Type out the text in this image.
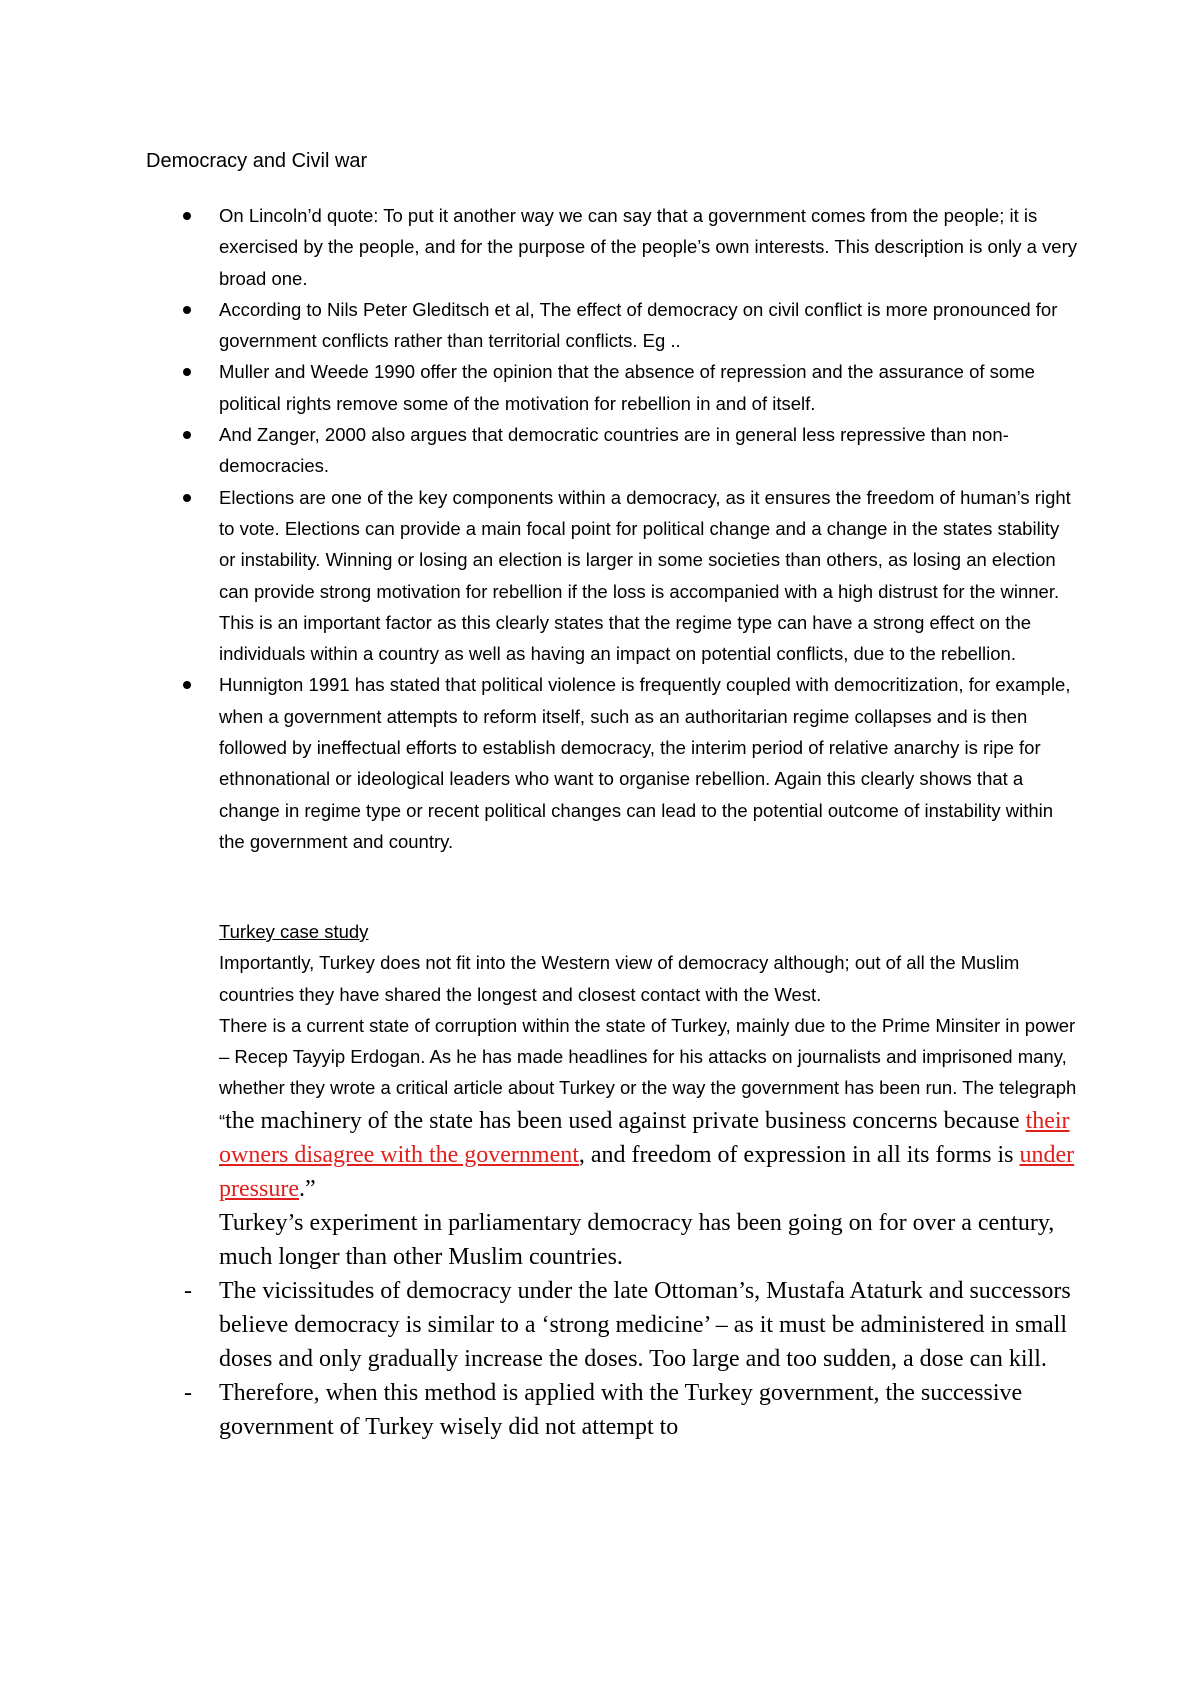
Democracy and Civil war
On Lincoln’d quote: To put it another way we can say that a government comes from the people; it is exercised by the people, and for the purpose of the people’s own interests. This description is only a very broad one.
According to Nils Peter Gleditsch et al, The effect of democracy on civil conflict is more pronounced for government conflicts rather than territorial conflicts. Eg ..
Muller and Weede 1990 offer the opinion that the absence of repression and the assurance of some political rights remove some of the motivation for rebellion in and of itself.
And Zanger, 2000 also argues that democratic countries are in general less repressive than non-democracies.
Elections are one of the key components within a democracy, as it ensures the freedom of human’s right to vote. Elections can provide a main focal point for political change and a change in the states stability or instability. Winning or losing an election is larger in some societies than others, as losing an election can provide strong motivation for rebellion if the loss is accompanied with a high distrust for the winner. This is an important factor as this clearly states that the regime type can have a strong effect on the individuals within a country as well as having an impact on potential conflicts, due to the rebellion.
Hunnigton 1991 has stated that political violence is frequently coupled with democritization, for example, when a government attempts to reform itself, such as an authoritarian regime collapses and is then followed by ineffectual efforts to establish democracy, the interim period of relative anarchy is ripe for ethnonational or ideological leaders who want to organise rebellion. Again this clearly shows that a change in regime type or recent political changes can lead to the potential outcome of instability within the government and country.

Turkey case study

Importantly, Turkey does not fit into the Western view of democracy although; out of all the Muslim countries they have shared the longest and closest contact with the West.

There is a current state of corruption within the state of Turkey, mainly due to the Prime Minsiter in power – Recep Tayyip Erdogan. As he has made headlines for his attacks on journalists and imprisoned many, whether they wrote a critical article about Turkey or the way the government has been run. The telegraph “the machinery of the state has been used against private business concerns because their owners disagree with the government, and freedom of expression in all its forms is under pressure.”

Turkey’s experiment in parliamentary democracy has been going on for over a century, much longer than other Muslim countries.

- The vicissitudes of democracy under the late Ottoman’s, Mustafa Ataturk and successors believe democracy is similar to a ‘strong medicine’ – as it must be administered in small doses and only gradually increase the doses. Too large and too sudden, a dose can kill.
- Therefore, when this method is applied with the Turkey government, the successive government of Turkey wisely did not attempt to
